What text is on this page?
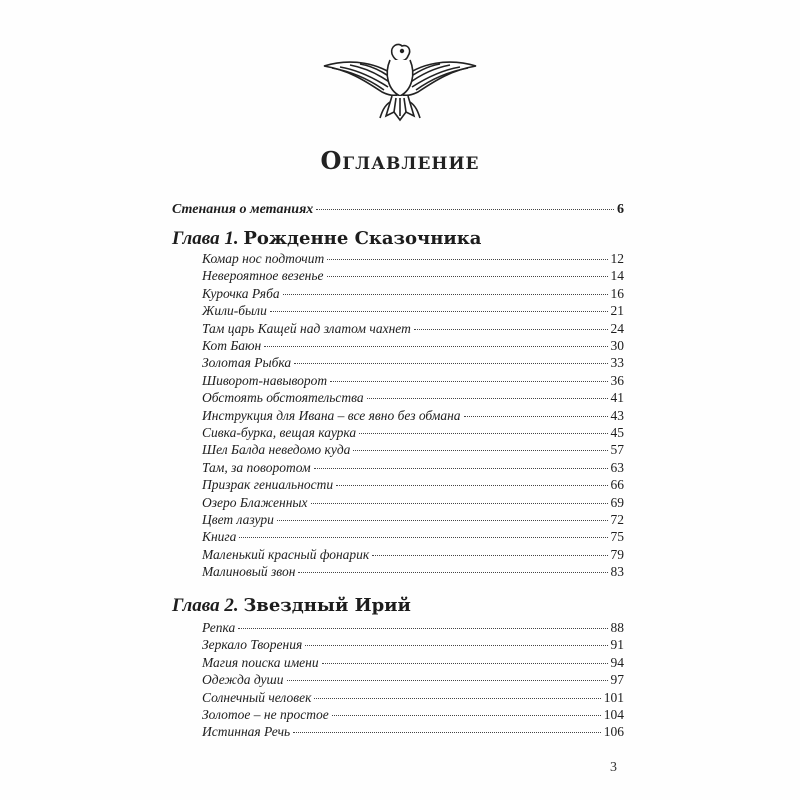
Оглавление
Стенания о метаниях	6
Глава 1. Рожденне Сказочника
Комар нос подточит	12
Невероятное везенье	14
Курочка Ряба	16
Жили-были	21
Там царь Кащей над златом чахнет	24
Кот Баюн	30
Золотая Рыбка	33
Шиворот-навыворот	36
Обстоять обстоятельства	41
Инструкция для Ивана – все явно без обмана	43
Сивка-бурка, вещая каурка	45
Шел Балда неведомо куда	57
Там, за поворотом	63
Призрак гениальности	66
Озеро Блаженных	69
Цвет лазури	72
Книга	75
Маленький красный фонарик	79
Малиновый звон	83
Глава 2. Звездный Ирий
Репка	88
Зеркало Творения	91
Магия поиска имени	94
Одежда души	97
Солнечный человек	101
Золотое – не простое	104
Истинная Речь	106
3
